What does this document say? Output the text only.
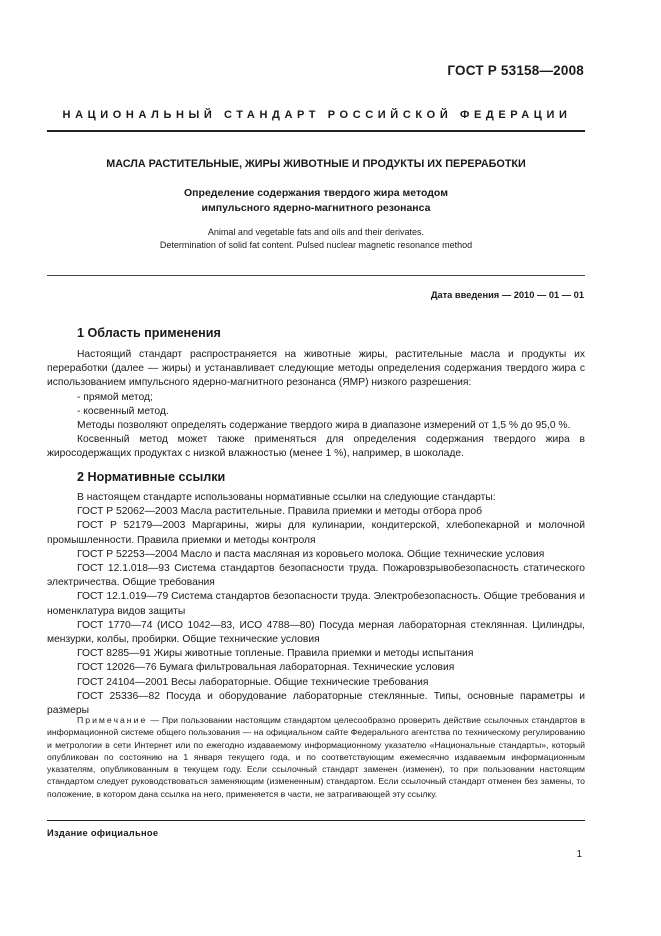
ГОСТ Р 53158—2008
НАЦИОНАЛЬНЫЙ СТАНДАРТ РОССИЙСКОЙ ФЕДЕРАЦИИ
МАСЛА РАСТИТЕЛЬНЫЕ, ЖИРЫ ЖИВОТНЫЕ И ПРОДУКТЫ ИХ ПЕРЕРАБОТКИ
Определение содержания твердого жира методом
импульсного ядерно-магнитного резонанса
Animal and vegetable fats and oils and their derivates.
Determination of solid fat content. Pulsed nuclear magnetic resonance method
Дата введения — 2010 — 01 — 01
1 Область применения

Настоящий стандарт распространяется на животные жиры, растительные масла и продукты их переработки (далее — жиры) и устанавливает следующие методы определения содержания твердого жира с использованием импульсного ядерно-магнитного резонанса (ЯМР) низкого разрешения:

- прямой метод;

- косвенный метод.

Методы позволяют определять содержание твердого жира в диапазоне измерений от 1,5 % до 95,0 %.

Косвенный метод может также применяться для определения содержания твердого жира в жиросодержащих продуктах с низкой влажностью (менее 1 %), например, в шоколаде.

2 Нормативные ссылки

В настоящем стандарте использованы нормативные ссылки на следующие стандарты:

ГОСТ Р 52062—2003 Масла растительные. Правила приемки и методы отбора проб

ГОСТ Р 52179—2003 Маргарины, жиры для кулинарии, кондитерской, хлебопекарной и молочной промышленности. Правила приемки и методы контроля

ГОСТ Р 52253—2004 Масло и паста масляная из коровьего молока. Общие технические условия

ГОСТ 12.1.018—93 Система стандартов безопасности труда. Пожаровзрывобезопасность статического электричества. Общие требования

ГОСТ 12.1.019—79 Система стандартов безопасности труда. Электробезопасность. Общие требования и номенклатура видов защиты

ГОСТ 1770—74 (ИСО 1042—83, ИСО 4788—80) Посуда мерная лабораторная стеклянная. Цилиндры, мензурки, колбы, пробирки. Общие технические условия

ГОСТ 8285—91 Жиры животные топленые. Правила приемки и методы испытания

ГОСТ 12026—76 Бумага фильтровальная лабораторная. Технические условия

ГОСТ 24104—2001 Весы лабораторные. Общие технические требования

ГОСТ 25336—82 Посуда и оборудование лабораторные стеклянные. Типы, основные параметры и размеры

Примечание — При пользовании настоящим стандартом целесообразно проверить действие ссылочных стандартов в информационной системе общего пользования — на официальном сайте Федерального агентства по техническому регулированию и метрологии в сети Интернет или по ежегодно издаваемому информационному указателю «Национальные стандарты», который опубликован по состоянию на 1 января текущего года, и по соответствующим ежемесячно издаваемым информационным указателям, опубликованным в текущем году. Если ссылочный стандарт заменен (изменен), то при пользовании настоящим стандартом следует руководствоваться заменяющим (измененным) стандартом. Если ссылочный стандарт отменен без замены, то положение, в котором дана ссылка на него, применяется в части, не затрагивающей эту ссылку.

Издание официальное
1
